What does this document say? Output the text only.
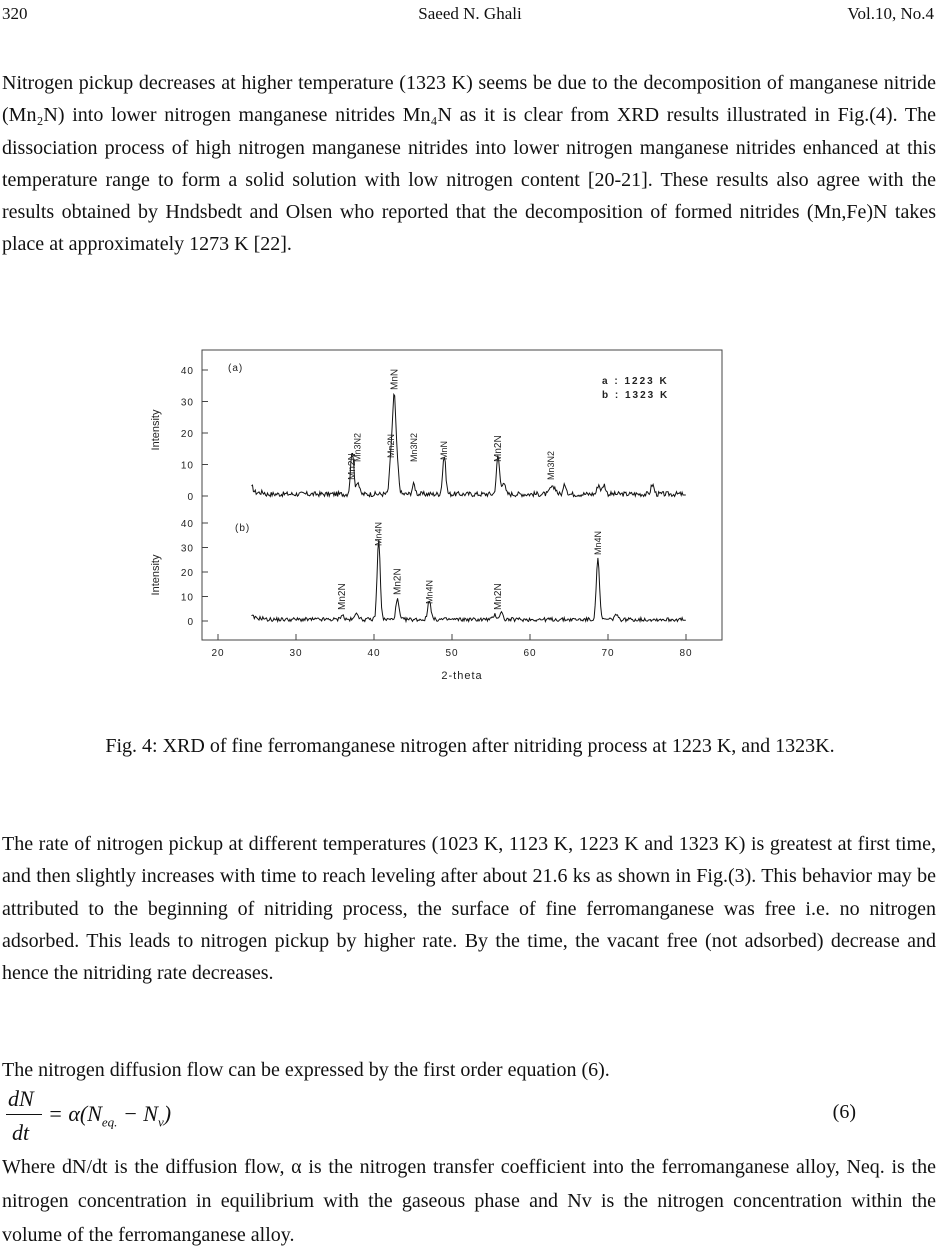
320	Saeed N. Ghali	Vol.10, No.4

Nitrogen pickup decreases at higher temperature (1323 K) seems be due to the decomposition of manganese nitride (Mn₂N) into lower nitrogen manganese nitrides Mn₄N as it is clear from XRD results illustrated in Fig.(4). The dissociation process of high nitrogen manganese nitrides into lower nitrogen manganese nitrides enhanced at this temperature range to form a solid solution with low nitrogen content [20-21]. These results also agree with the results obtained by Hndsbedt and Olsen who reported that the decomposition of formed nitrides (Mn,Fe)N takes place at approximately 1273 K [22].

0
10
20
30
40
0
10
20
30
40
20	30	40	50	60	70	80
Mn2N
Mn3N2	Mn2N
MnN
Mn3N2 MnN	Mn2N
Mn3N2
Mn2N
Mn4N
Mn2N Mn4N	Mn2N
Mn4N
(a)
(b)
a : 1223 K
b : 1323 K
2-theta
Intensity
Intensity
Fig. 4: XRD of fine ferromanganese nitrogen after nitriding process at 1223 K, and 1323K.

The rate of nitrogen pickup at different temperatures (1023 K, 1123 K, 1223 K and 1323 K) is greatest at first time, and then slightly increases with time to reach leveling after about 21.6 ks as shown in Fig.(3). This behavior may be attributed to the beginning of nitriding process, the surface of fine ferromanganese was free i.e. no nitrogen adsorbed. This leads to nitrogen pickup by higher rate. By the time, the vacant free (not adsorbed) decrease and hence the nitriding rate decreases.

The nitrogen diffusion flow can be expressed by the first order equation (6).

dN
dt
= $\alpha(N_{eq.} - N_v)$	(6)

Where dN/dt is the diffusion flow, α is the nitrogen transfer coefficient into the ferromanganese alloy, Neq. is the nitrogen concentration in equilibrium with the gaseous phase and Nv is the nitrogen concentration within the volume of the ferromanganese alloy.
